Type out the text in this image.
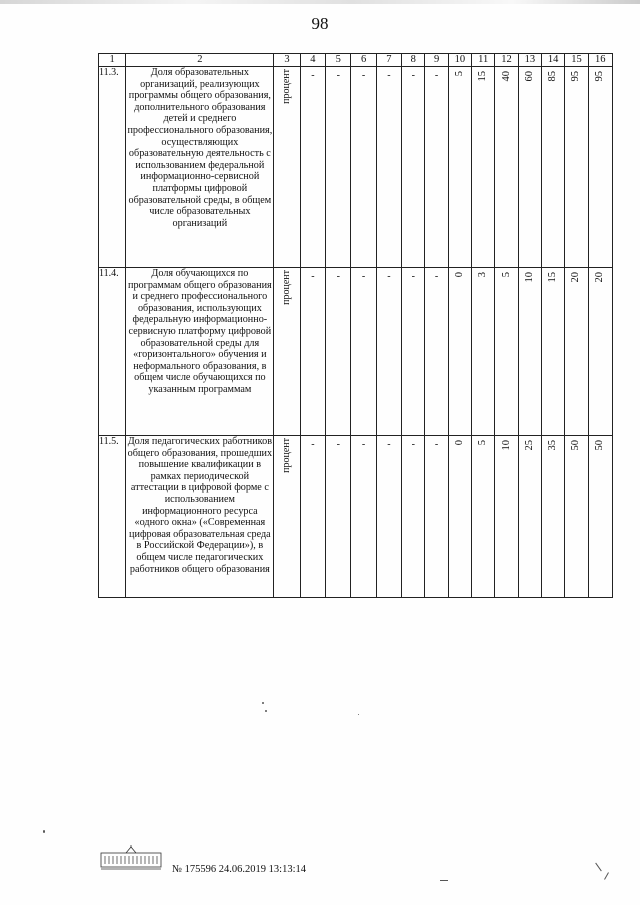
98
1	2	3	4	5	6	7	8	9	10	11	12	13	14	15	16
11.3.	Доля образовательных организаций, реализующих программы общего образования, дополнительного образования детей и среднего профессионального образования, осуществляющих образовательную деятельность с использованием федеральной информационно-сервисной платформы цифровой образовательной среды, в общем числе образовательных организаций	процент	-	-	-	-	-	-	5	15	40	60	85	95	95

11.4.	Доля обучающихся по программам общего образования и среднего профессионального образования, использующих федеральную информационно-сервисную платформу цифровой образовательной среды для «горизонтального» обучения и неформального образования, в общем числе обучающихся по указанным программам	процент	-	-	-	-	-	-	0	3	5	10	15	20	20

11.5.	Доля педагогических работников общего образования, прошедших повышение квалификации в рамках периодической аттестации в цифровой форме с использованием информационного ресурса «одного окна» («Современная цифровая образовательная среда в Российской Федерации»), в общем числе педагогических работников общего образования	процент	-	-	-	-	-	-	0	5	10	25	35	50	50
№ 175596 24.06.2019 13:13:14
